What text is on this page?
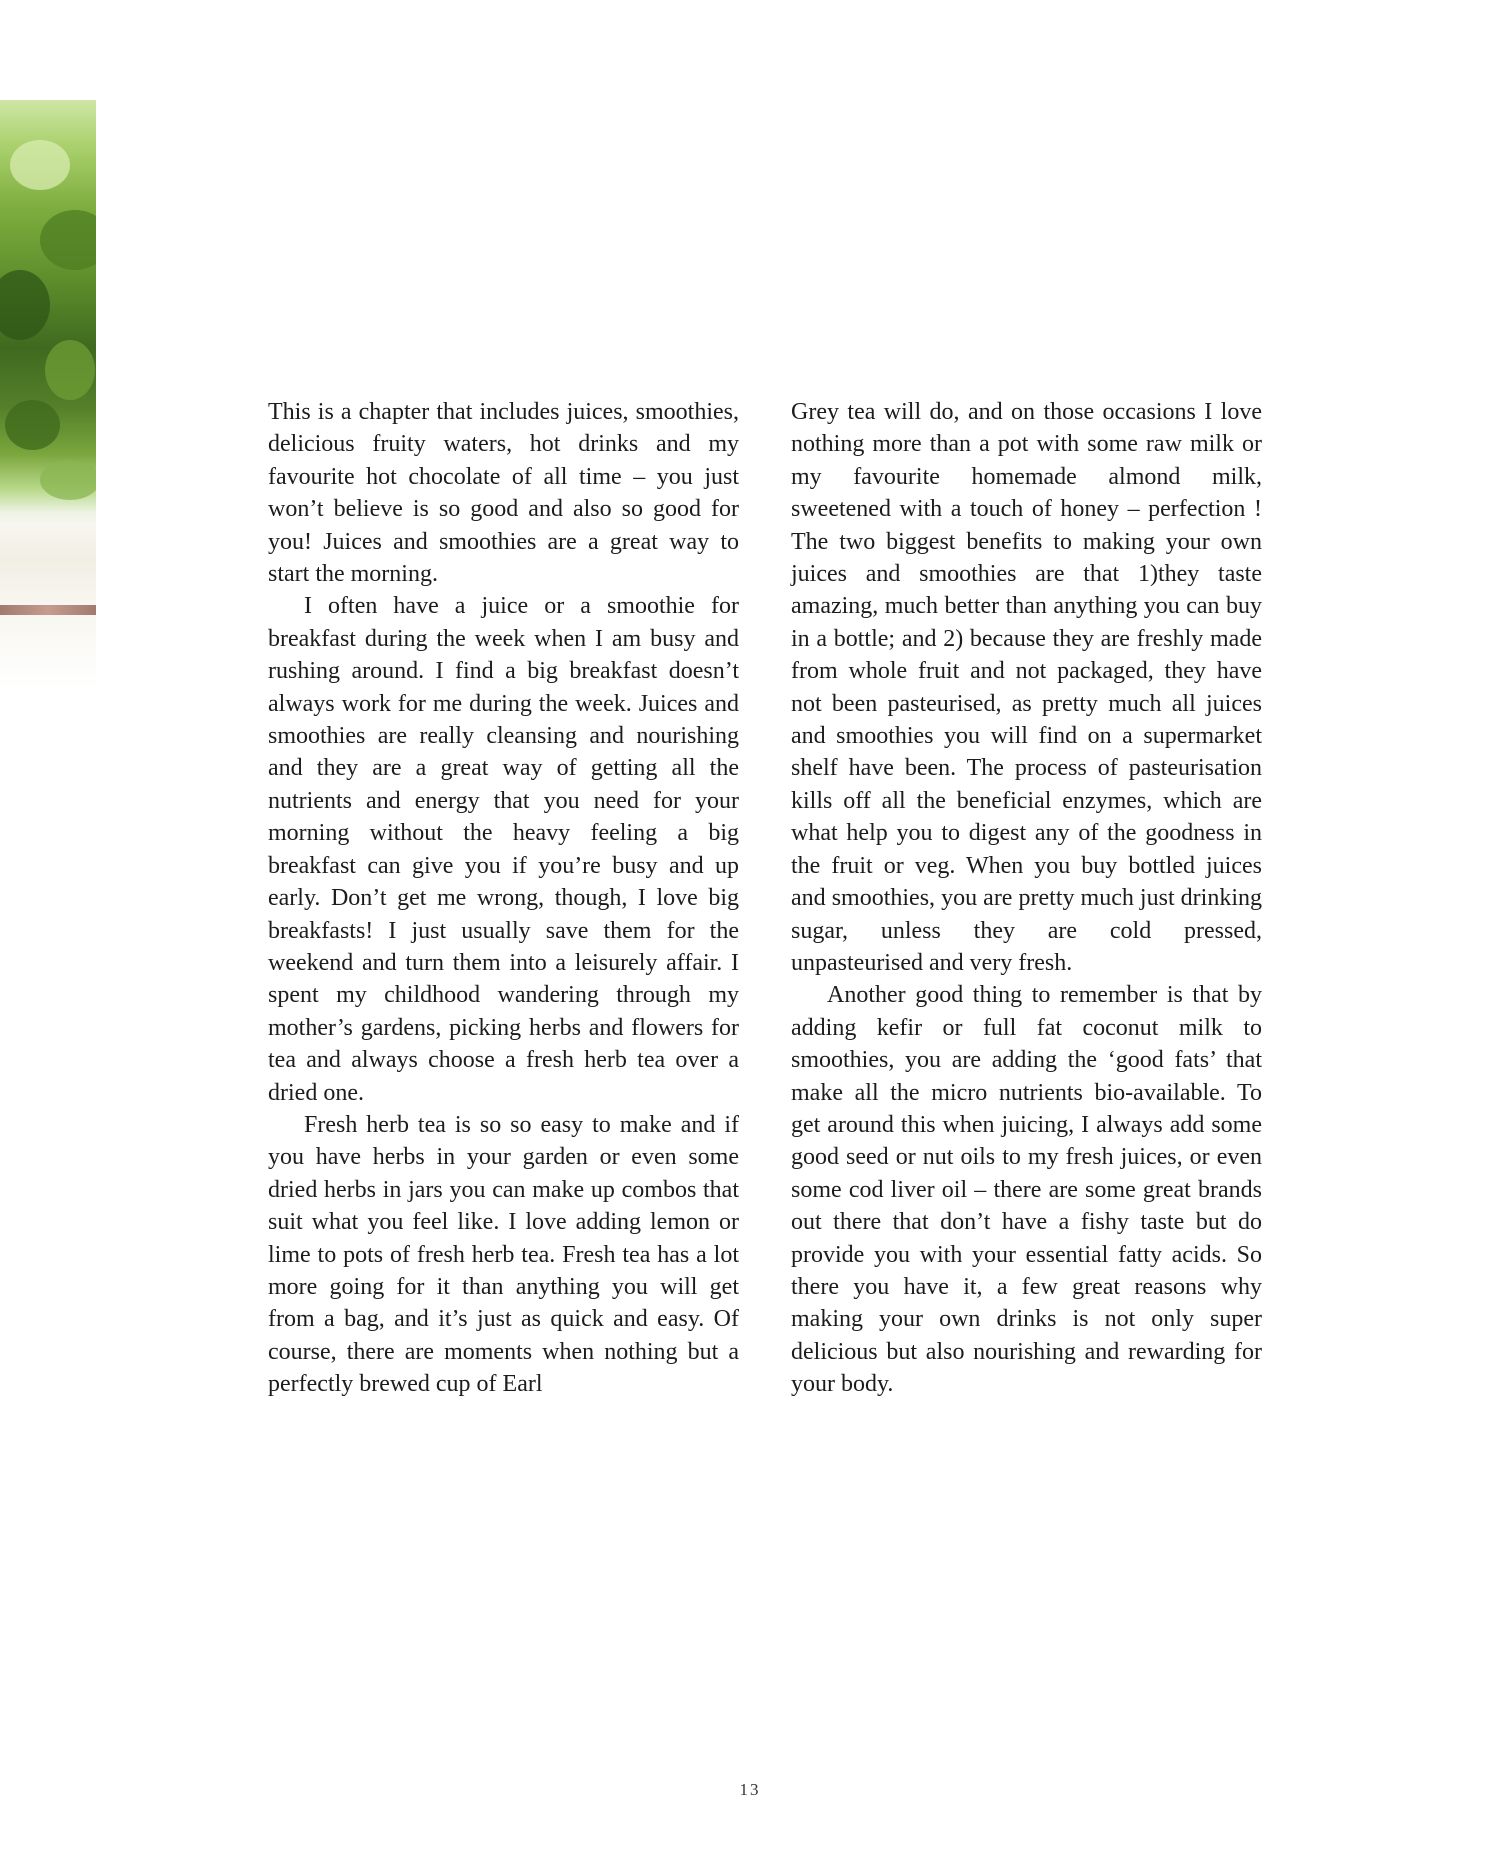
This is a chapter that includes juices, smoothies, delicious fruity waters, hot drinks and my favourite hot chocolate of all time – you just won’t believe is so good and also so good for you! Juices and smoothies are a great way to start the morning.

I often have a juice or a smoothie for breakfast during the week when I am busy and rushing around. I find a big breakfast doesn’t always work for me during the week. Juices and smoothies are really cleansing and nourishing and they are a great way of getting all the nutrients and energy that you need for your morning without the heavy feeling a big breakfast can give you if you’re busy and up early. Don’t get me wrong, though, I love big breakfasts! I just usually save them for the weekend and turn them into a leisurely affair. I spent my childhood wandering through my mother’s gardens, picking herbs and flowers for tea and always choose a fresh herb tea over a dried one.

Fresh herb tea is so so easy to make and if you have herbs in your garden or even some dried herbs in jars you can make up combos that suit what you feel like. I love adding lemon or lime to pots of fresh herb tea. Fresh tea has a lot more going for it than anything you will get from a bag, and it’s just as quick and easy. Of course, there are moments when nothing but a perfectly brewed cup of Earl

Grey tea will do, and on those occasions I love nothing more than a pot with some raw milk or my favourite homemade almond milk, sweetened with a touch of honey – perfection ! The two biggest benefits to making your own juices and smoothies are that 1)they taste amazing, much better than anything you can buy in a bottle; and 2) because they are freshly made from whole fruit and not packaged, they have not been pasteurised, as pretty much all juices and smoothies you will find on a supermarket shelf have been. The process of pasteurisation kills off all the beneficial enzymes, which are what help you to digest any of the goodness in the fruit or veg. When you buy bottled juices and smoothies, you are pretty much just drinking sugar, unless they are cold pressed, unpasteurised and very fresh.

Another good thing to remember is that by adding kefir or full fat coconut milk to smoothies, you are adding the ‘good fats’ that make all the micro nutrients bio-available. To get around this when juicing, I always add some good seed or nut oils to my fresh juices, or even some cod liver oil – there are some great brands out there that don’t have a fishy taste but do provide you with your essential fatty acids. So there you have it, a few great reasons why making your own drinks is not only super delicious but also nourishing and rewarding for your body.

13
